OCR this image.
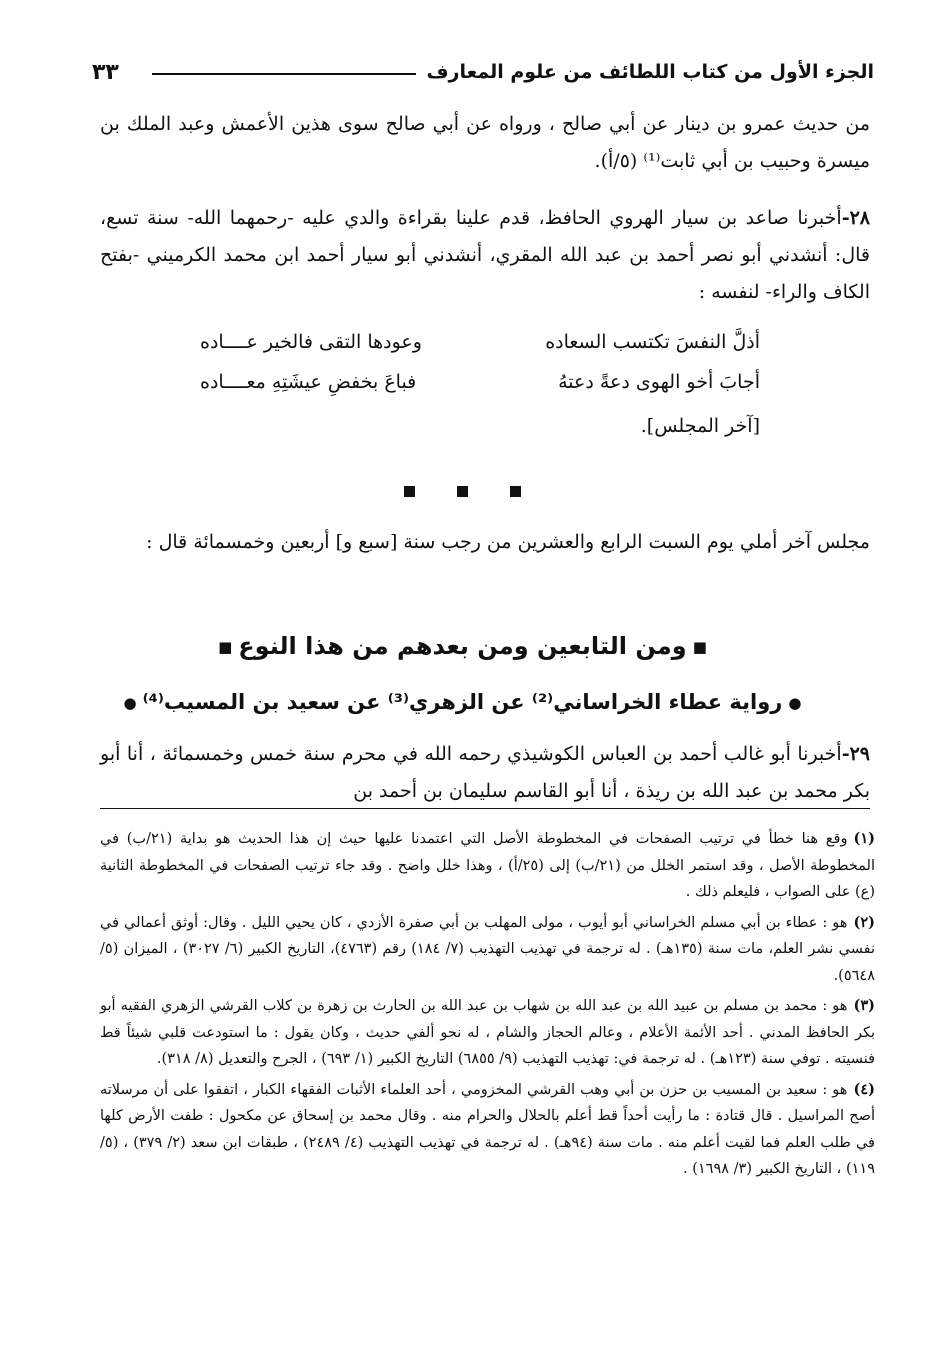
الجزء الأول من كتاب اللطائف من علوم المعارف
٣٣

من حديث عمرو بن دينار عن أبي صالح ، ورواه عن أبي صالح سوى هذين الأعمش وعبد الملك بن ميسرة وحبيب بن أبي ثابت⁽¹⁾ (٥/أ).

٢٨-أخبرنا صاعد بن سيار الهروي الحافظ، قدم علينا بقراءة والدي عليه -رحمهما الله- سنة تسع، قال: أنشدني أبو نصر أحمد بن عبد الله المقري، أنشدني أبو سيار أحمد ابن محمد الكرميني -بفتح الكاف والراء- لنفسه :

أذلَّ النفسَ تكتسب السعاده
وعودها التقى فالخير عــــاده
أجابَ أخو الهوى دعةً دعتهُ
فباعَ بخفضِ عيشَتِهِ معــــاده

[آخر المجلس].

مجلس آخر أملي يوم السبت الرابع والعشرين من رجب سنة [سبع و] أربعين وخمسمائة قال :

■ومن التابعين ومن بعدهم من هذا النوع■
●رواية عطاء الخراساني⁽²⁾ عن الزهري⁽³⁾ عن سعيد بن المسيب⁽⁴⁾●

٢٩-أخبرنا أبو غالب أحمد بن العباس الكوشيذي رحمه الله في محرم سنة خمس وخمسمائة ، أنا أبو بكر محمد بن عبد الله بن ريذة ، أنا أبو القاسم سليمان بن أحمد بن

(١)وقع هنا خطأ في ترتيب الصفحات في المخطوطة الأصل التي اعتمدنا عليها حيث إن هذا الحديث هو بداية (٢١/ب) في المخطوطة الأصل ، وقد استمر الخلل من (٢١/ب) إلى (٢٥/أ) ، وهذا خلل واضح . وقد جاء ترتيب الصفحات في المخطوطة الثانية (ع) على الصواب ، فليعلم ذلك .

(٢)هو : عطاء بن أبي مسلم الخراساني أبو أيوب ، مولى المهلب بن أبي صفرة الأزدي ، كان يحيي الليل . وقال: أوثق أعمالي في نفسي نشر العلم، مات سنة (١٣٥هـ) . له ترجمة في تهذيب التهذيب (٧/ ١٨٤) رقم (٤٧٦٣)، التاريخ الكبير (٦/ ٣٠٢٧) ، الميزان (٥/ ٥٦٤٨).

(٣)هو : محمد بن مسلم بن عبيد الله بن عبد الله بن شهاب بن عبد الله بن الحارث بن زهرة بن كلاب القرشي الزهري الفقيه أبو بكر الحافظ المدني . أحد الأئمة الأعلام ، وعالم الحجاز والشام ، له نحو ألفي حديث ، وكان يقول : ما استودعت قلبي شيئاً قط فنسيته . توفي سنة (١٢٣هـ) . له ترجمة في: تهذيب التهذيب (٩/ ٦٨٥٥) التاريخ الكبير (١/ ٦٩٣) ، الجرح والتعديل (٨/ ٣١٨).

(٤)هو : سعيد بن المسيب بن حزن بن أبي وهب القرشي المخزومي ، أحد العلماء الأثبات الفقهاء الكبار ، اتفقوا على أن مرسلاته أصح المراسيل . قال قتادة : ما رأيت أحداً قط أعلم بالحلال والحرام منه . وقال محمد بن إسحاق عن مكحول : طفت الأرض كلها في طلب العلم فما لقيت أعلم منه . مات سنة (٩٤هـ) . له ترجمة في تهذيب التهذيب (٤/ ٢٤٨٩) ، طبقات ابن سعد (٢/ ٣٧٩) ، (٥/ ١١٩) ، التاريخ الكبير (٣/ ١٦٩٨) .
